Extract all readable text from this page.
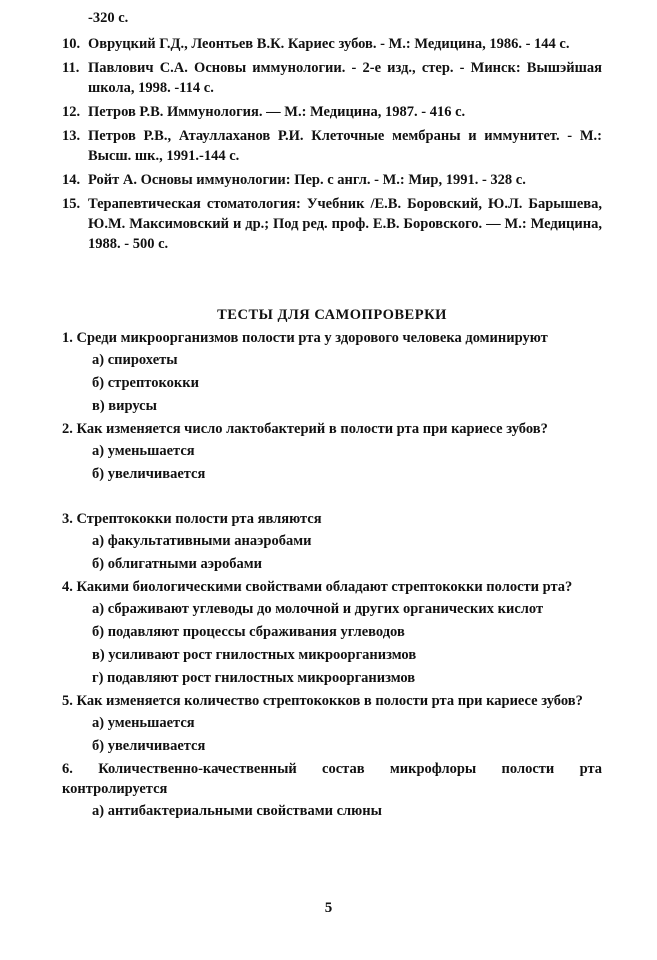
-320 с.
10. Овруцкий Г.Д., Леонтьев В.К. Кариес зубов. - М.: Медицина, 1986. - 144 с.
11. Павлович С.А. Основы иммунологии. - 2-е изд., стер. - Минск: Вышэйшая школа, 1998. -114 с.
12. Петров Р.В. Иммунология. — М.: Медицина, 1987. - 416 с.
13. Петров Р.В., Атауллаханов Р.И. Клеточные мембраны и иммунитет. - М.: Высш. шк., 1991.-144 с.
14. Ройт А. Основы иммунологии: Пер. с англ. - М.: Мир, 1991. - 328 с.
15. Терапевтическая стоматология: Учебник /Е.В. Боровский, Ю.Л. Барышева, Ю.М. Максимовский и др.; Под ред. проф. Е.В. Боровского. — М.: Медицина, 1988. - 500 с.
ТЕСТЫ ДЛЯ САМОПРОВЕРКИ
1. Среди микроорганизмов полости рта у здорового человека доминируют
а) спирохеты
б) стрептококки
в) вирусы
2. Как изменяется число лактобактерий в полости рта при кариесе зубов?
а) уменьшается
б) увеличивается
3. Стрептококки полости рта являются
а) факультативными анаэробами
б) облигатными аэробами
4. Какими биологическими свойствами обладают стрептококки полости рта?
а) сбраживают углеводы до молочной и других органических кислот
б) подавляют процессы сбраживания углеводов
в) усиливают рост гнилостных микроорганизмов
г) подавляют рост гнилостных микроорганизмов
5. Как изменяется количество стрептококков в полости рта при кариесе зубов?
а) уменьшается
б) увеличивается
6. Количественно-качественный состав микрофлоры полости рта контролируется
а) антибактериальными свойствами слюны
5
